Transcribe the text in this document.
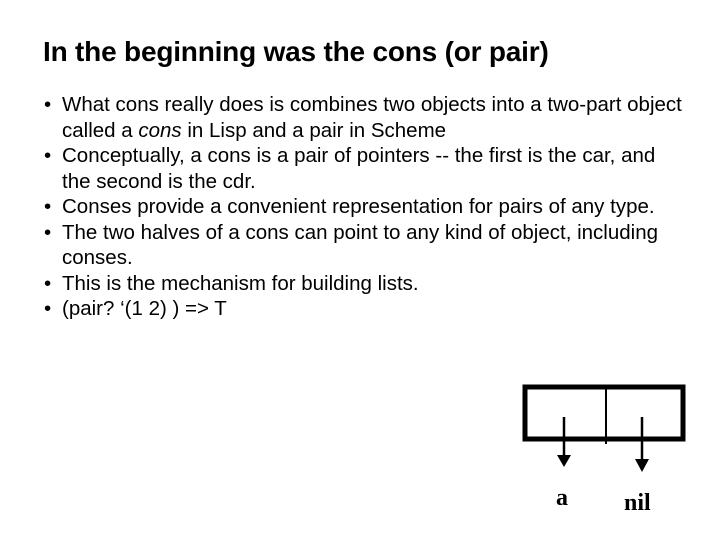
In the beginning was the cons (or pair)
• What cons really does is combines two objects into a two-part object called a cons in Lisp and a pair in Scheme
• Conceptually, a cons is a pair of pointers -- the first is the car, and the second is the cdr.
• Conses provide a convenient representation for pairs of any type.
• The two halves of a cons can point to any kind of object, including conses.
• This is the mechanism for building lists.
• (pair? ‘(1 2) ) => T
a nil
